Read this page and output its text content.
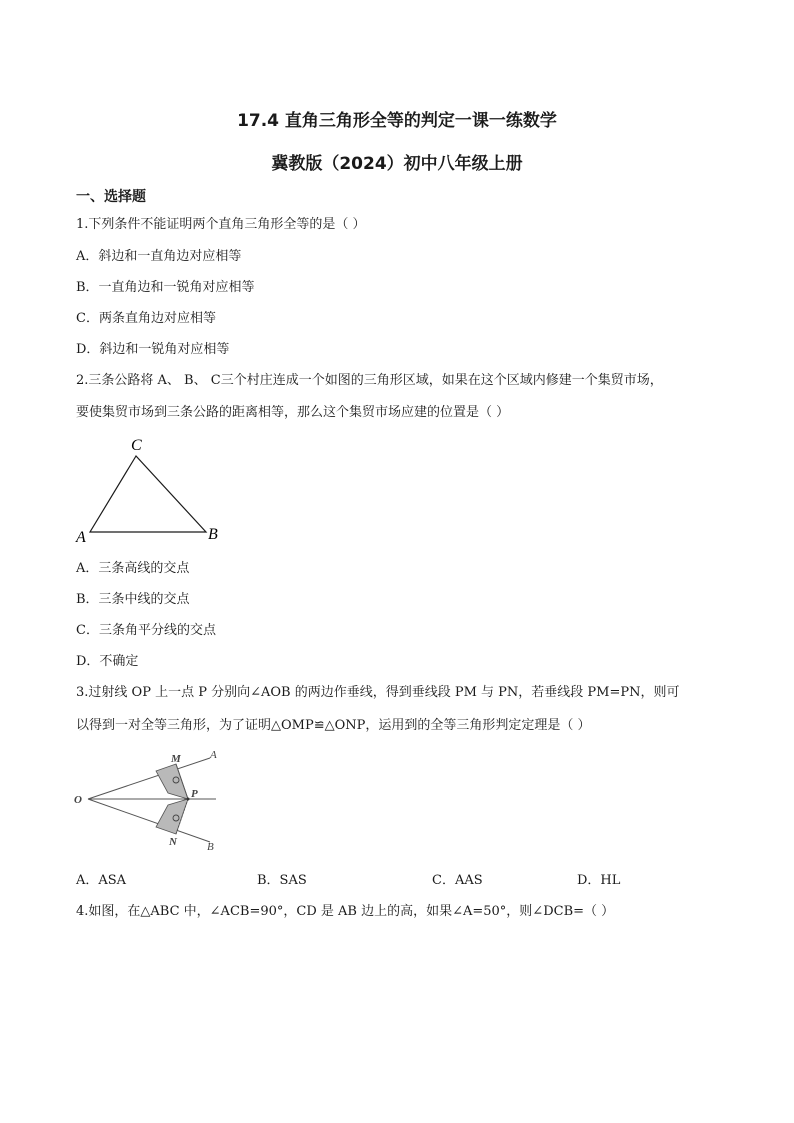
17.4 直角三角形全等的判定一课一练数学
冀教版（2024）初中八年级上册
一、选择题
1.下列条件不能证明两个直角三角形全等的是（ ）
A．斜边和一直角边对应相等
B．一直角边和一锐角对应相等
C．两条直角边对应相等
D．斜边和一锐角对应相等
2.三条公路将 A、 B、 C三个村庄连成一个如图的三角形区域，如果在这个区域内修建一个集贸市场，
要使集贸市场到三条公路的距离相等，那么这个集贸市场应建的位置是（ ）
C
A	B
A．三条高线的交点
B．三条中线的交点
C．三条角平分线的交点
D．不确定
3.过射线 OP 上一点 P 分别向∠AOB 的两边作垂线，得到垂线段 PM 与 PN，若垂线段 PM=PN，则可
以得到一对全等三角形，为了证明△OMP≌△ONP，运用到的全等三角形判定定理是（ ）
O
M	A
P
N	B
A．ASA	B．SAS	C．AAS	D．HL
4.如图，在△ABC 中，∠ACB=90°，CD 是 AB 边上的高，如果∠A=50°，则∠DCB=（ ）
